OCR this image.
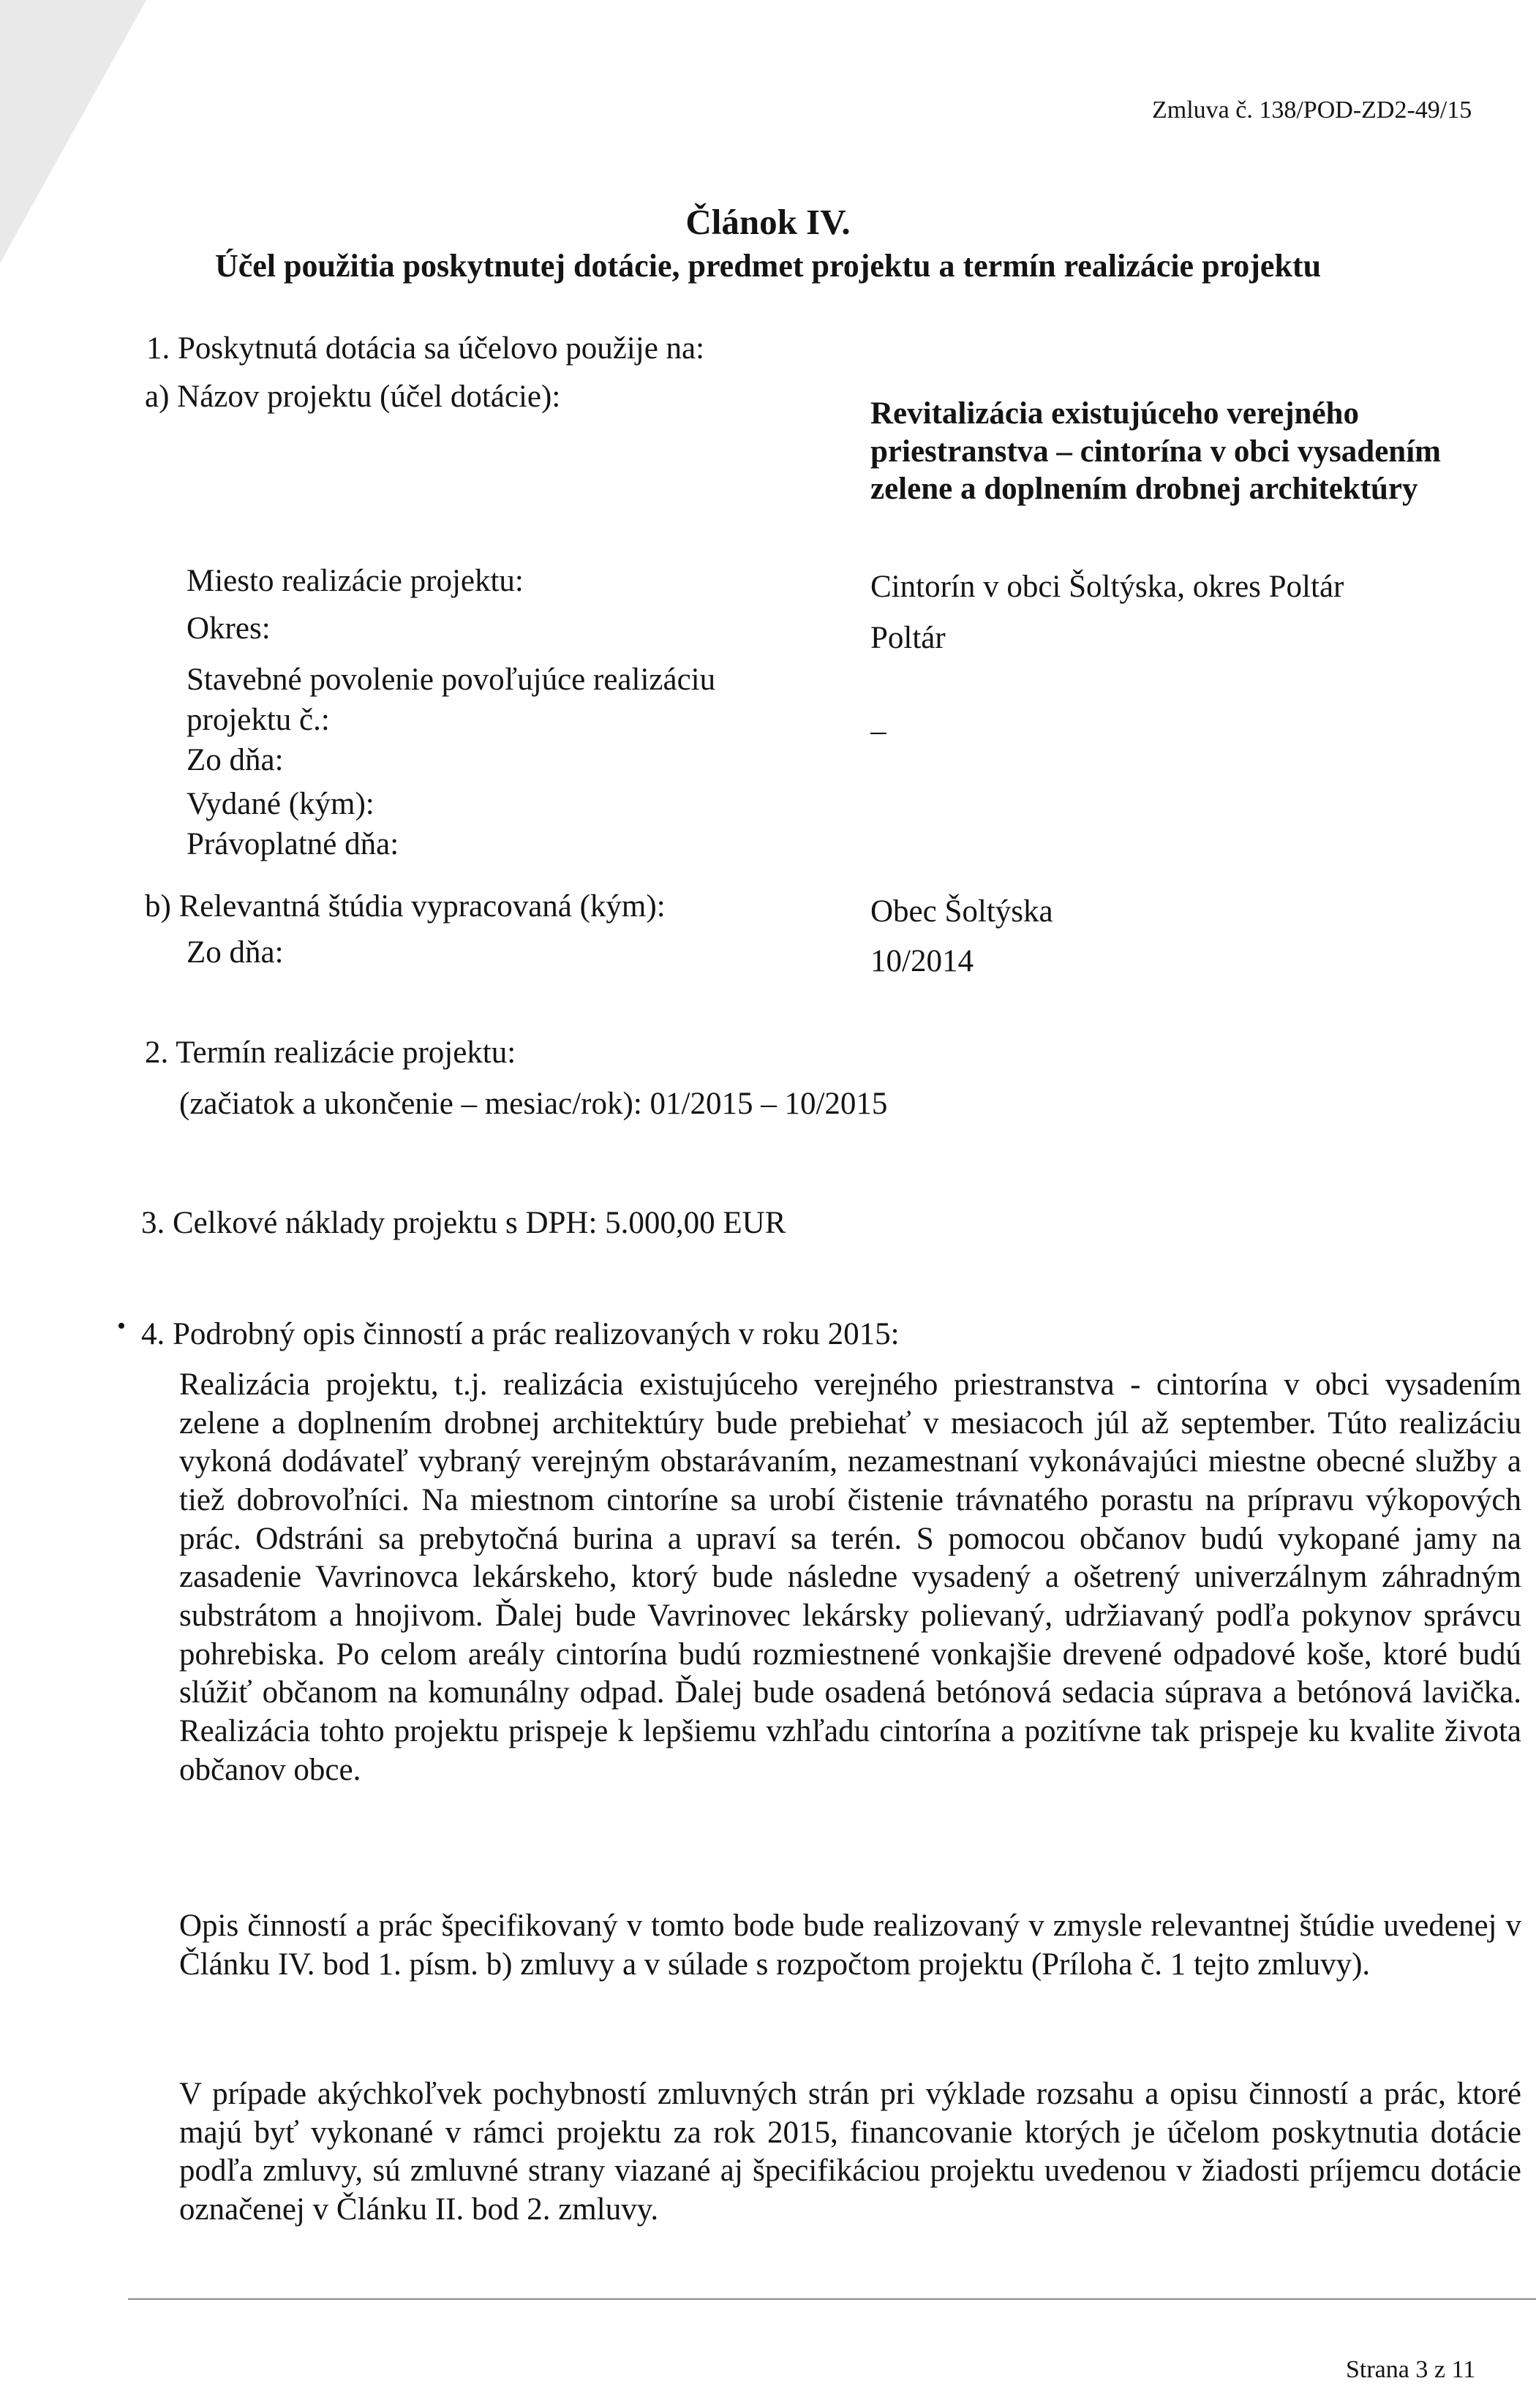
Zmluva č. 138/POD-ZD2-49/15
Článok IV.
Účel použitia poskytnutej dotácie, predmet projektu a termín realizácie projektu
1. Poskytnutá dotácia sa účelovo použije na:
a) Názov projektu (účel dotácie):	Revitalizácia existujúceho verejného priestranstva – cintorína v obci vysadením zelene a doplnením drobnej architektúry
Miesto realizácie projektu:	Cintorín v obci Šoltýska, okres Poltár
Okres:	Poltár
Stavebné povolenie povoľujúce realizáciu
projektu č.:	–
Zo dňa:
Vydané (kým):
Právoplatné dňa:
b) Relevantná štúdia vypracovaná (kým):	Obec Šoltýska
Zo dňa:	10/2014
2. Termín realizácie projektu:
(začiatok a ukončenie – mesiac/rok): 01/2015 – 10/2015
3. Celkové náklady projektu s DPH: 5.000,00 EUR
• 4. Podrobný opis činností a prác realizovaných v roku 2015:
Realizácia projektu, t.j. realizácia existujúceho verejného priestranstva - cintorína v obci vysadením zelene a doplnením drobnej architektúry bude prebiehať v mesiacoch júl až september. Túto realizáciu vykoná dodávateľ vybraný verejným obstarávaním, nezamestnaní vykonávajúci miestne obecné služby a tiež dobrovoľníci. Na miestnom cintoríne sa urobí čistenie trávnatého porastu na prípravu výkopových prác. Odstráni sa prebytočná burina a upraví sa terén. S pomocou občanov budú vykopané jamy na zasadenie Vavrinovca lekárskeho, ktorý bude následne vysadený a ošetrený univerzálnym záhradným substrátom a hnojivom. Ďalej bude Vavrinovec lekársky polievaný, udržiavaný podľa pokynov správcu pohrebiska. Po celom areály cintorína budú rozmiestnené vonkajšie drevené odpadové koše, ktoré budú slúžiť občanom na komunálny odpad. Ďalej bude osadená betónová sedacia súprava a betónová lavička. Realizácia tohto projektu prispeje k lepšiemu vzhľadu cintorína a pozitívne tak prispeje ku kvalite života občanov obce.
Opis činností a prác špecifikovaný v tomto bode bude realizovaný v zmysle relevantnej štúdie uvedenej v Článku IV. bod 1. písm. b) zmluvy a v súlade s rozpočtom projektu (Príloha č. 1 tejto zmluvy).
V prípade akýchkoľvek pochybností zmluvných strán pri výklade rozsahu a opisu činností a prác, ktoré majú byť vykonané v rámci projektu za rok 2015, financovanie ktorých je účelom poskytnutia dotácie podľa zmluvy, sú zmluvné strany viazané aj špecifikáciou projektu uvedenou v žiadosti príjemcu dotácie označenej v Článku II. bod 2. zmluvy.
Strana 3 z 11
